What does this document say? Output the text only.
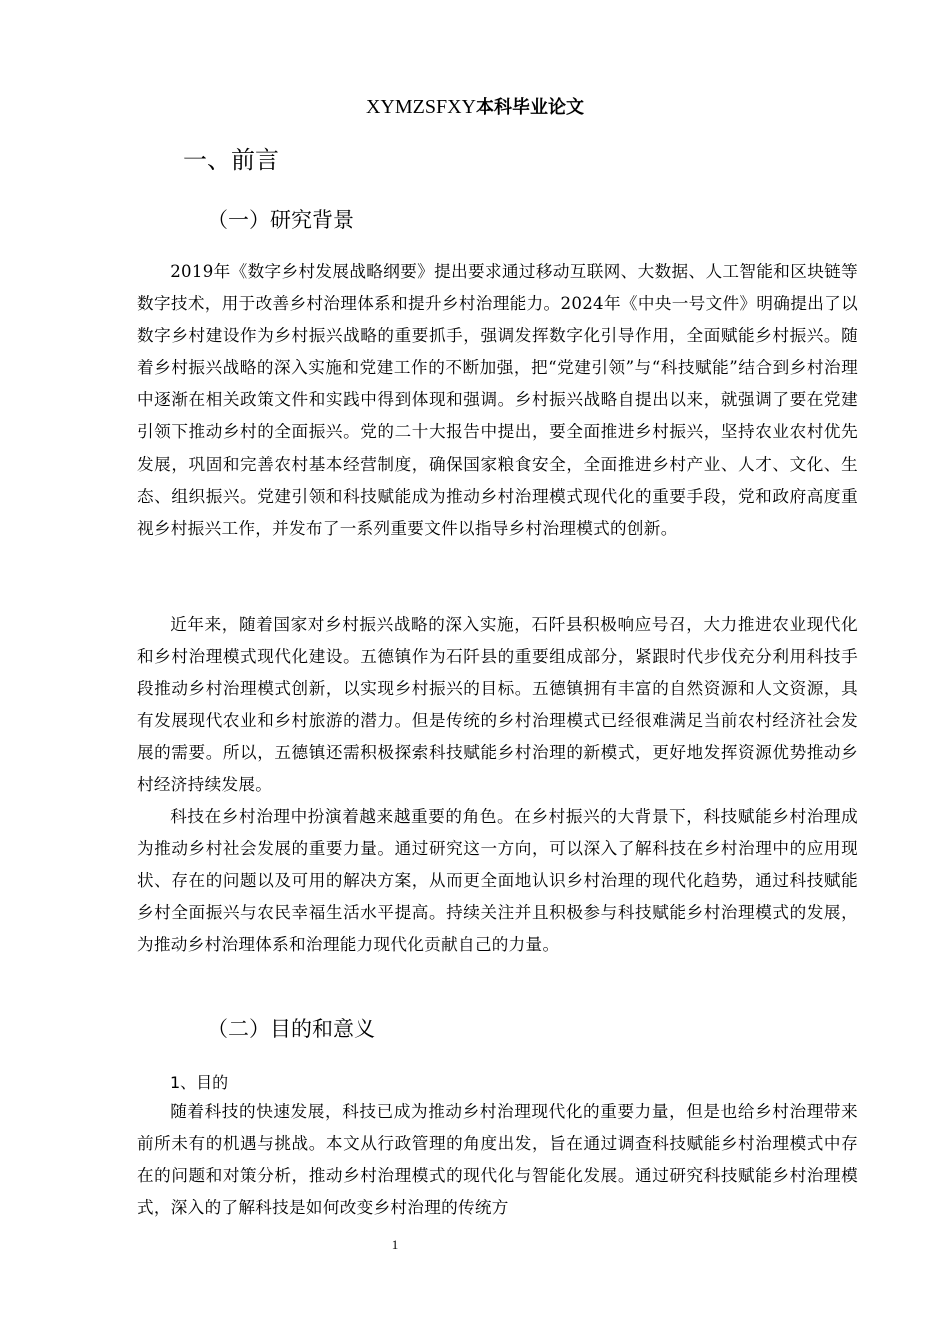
XYMZSFXY本科毕业论文
一、前言
（一）研究背景

2019年《数字乡村发展战略纲要》提出要求通过移动互联网、大数据、人工智能和区块链等数字技术，用于改善乡村治理体系和提升乡村治理能力。2024年《中央一号文件》明确提出了以数字乡村建设作为乡村振兴战略的重要抓手，强调发挥数字化引导作用，全面赋能乡村振兴。随着乡村振兴战略的深入实施和党建工作的不断加强，把“党建引领”与“科技赋能”结合到乡村治理中逐渐在相关政策文件和实践中得到体现和强调。乡村振兴战略自提出以来，就强调了要在党建引领下推动乡村的全面振兴。党的二十大报告中提出，要全面推进乡村振兴，坚持农业农村优先发展，巩固和完善农村基本经营制度，确保国家粮食安全，全面推进乡村产业、人才、文化、生态、组织振兴。党建引领和科技赋能成为推动乡村治理模式现代化的重要手段，党和政府高度重视乡村振兴工作，并发布了一系列重要文件以指导乡村治理模式的创新。

近年来，随着国家对乡村振兴战略的深入实施，石阡县积极响应号召，大力推进农业现代化和乡村治理模式现代化建设。五德镇作为石阡县的重要组成部分，紧跟时代步伐充分利用科技手段推动乡村治理模式创新，以实现乡村振兴的目标。五德镇拥有丰富的自然资源和人文资源，具有发展现代农业和乡村旅游的潜力。但是传统的乡村治理模式已经很难满足当前农村经济社会发展的需要。所以，五德镇还需积极探索科技赋能乡村治理的新模式，更好地发挥资源优势推动乡村经济持续发展。

科技在乡村治理中扮演着越来越重要的角色。在乡村振兴的大背景下，科技赋能乡村治理成为推动乡村社会发展的重要力量。通过研究这一方向，可以深入了解科技在乡村治理中的应用现状、存在的问题以及可用的解决方案，从而更全面地认识乡村治理的现代化趋势，通过科技赋能乡村全面振兴与农民幸福生活水平提高。持续关注并且积极参与科技赋能乡村治理模式的发展，为推动乡村治理体系和治理能力现代化贡献自己的力量。

（二）目的和意义
1、目的

随着科技的快速发展，科技已成为推动乡村治理现代化的重要力量，但是也给乡村治理带来前所未有的机遇与挑战。本文从行政管理的角度出发，旨在通过调查科技赋能乡村治理模式中存在的问题和对策分析，推动乡村治理模式的现代化与智能化发展。通过研究科技赋能乡村治理模式，深入的了解科技是如何改变乡村治理的传统方

1
